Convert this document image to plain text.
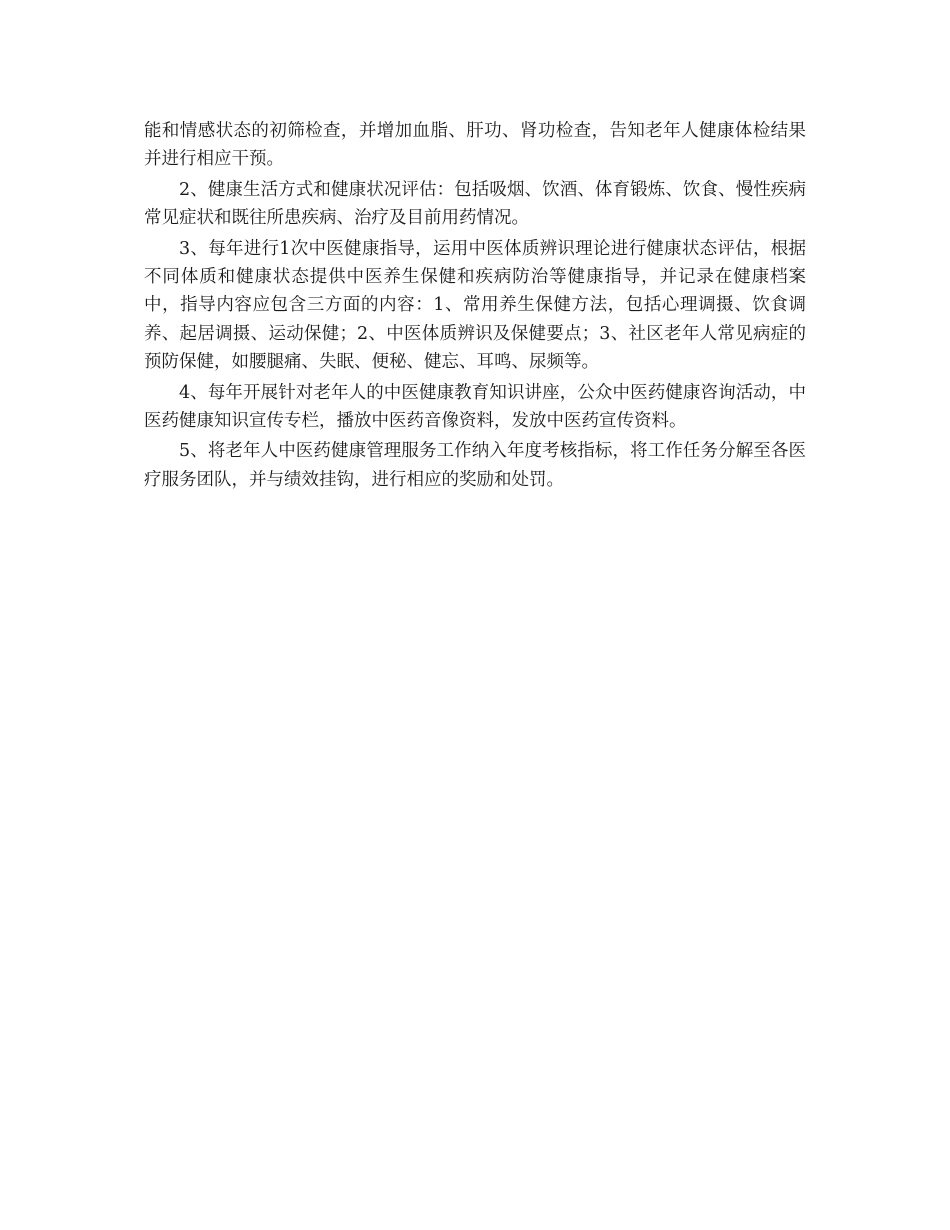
能和情感状态的初筛检查，并增加血脂、肝功、肾功检查，告知老年人健康体检结果并进行相应干预。

2、健康生活方式和健康状况评估：包括吸烟、饮酒、体育锻炼、饮食、慢性疾病常见症状和既往所患疾病、治疗及目前用药情况。

3、每年进行1次中医健康指导，运用中医体质辨识理论进行健康状态评估，根据不同体质和健康状态提供中医养生保健和疾病防治等健康指导，并记录在健康档案中，指导内容应包含三方面的内容：1、常用养生保健方法，包括心理调摄、饮食调养、起居调摄、运动保健；2、中医体质辨识及保健要点；3、社区老年人常见病症的预防保健，如腰腿痛、失眠、便秘、健忘、耳鸣、尿频等。

4、每年开展针对老年人的中医健康教育知识讲座，公众中医药健康咨询活动，中医药健康知识宣传专栏，播放中医药音像资料，发放中医药宣传资料。

5、将老年人中医药健康管理服务工作纳入年度考核指标，将工作任务分解至各医疗服务团队，并与绩效挂钩，进行相应的奖励和处罚。
